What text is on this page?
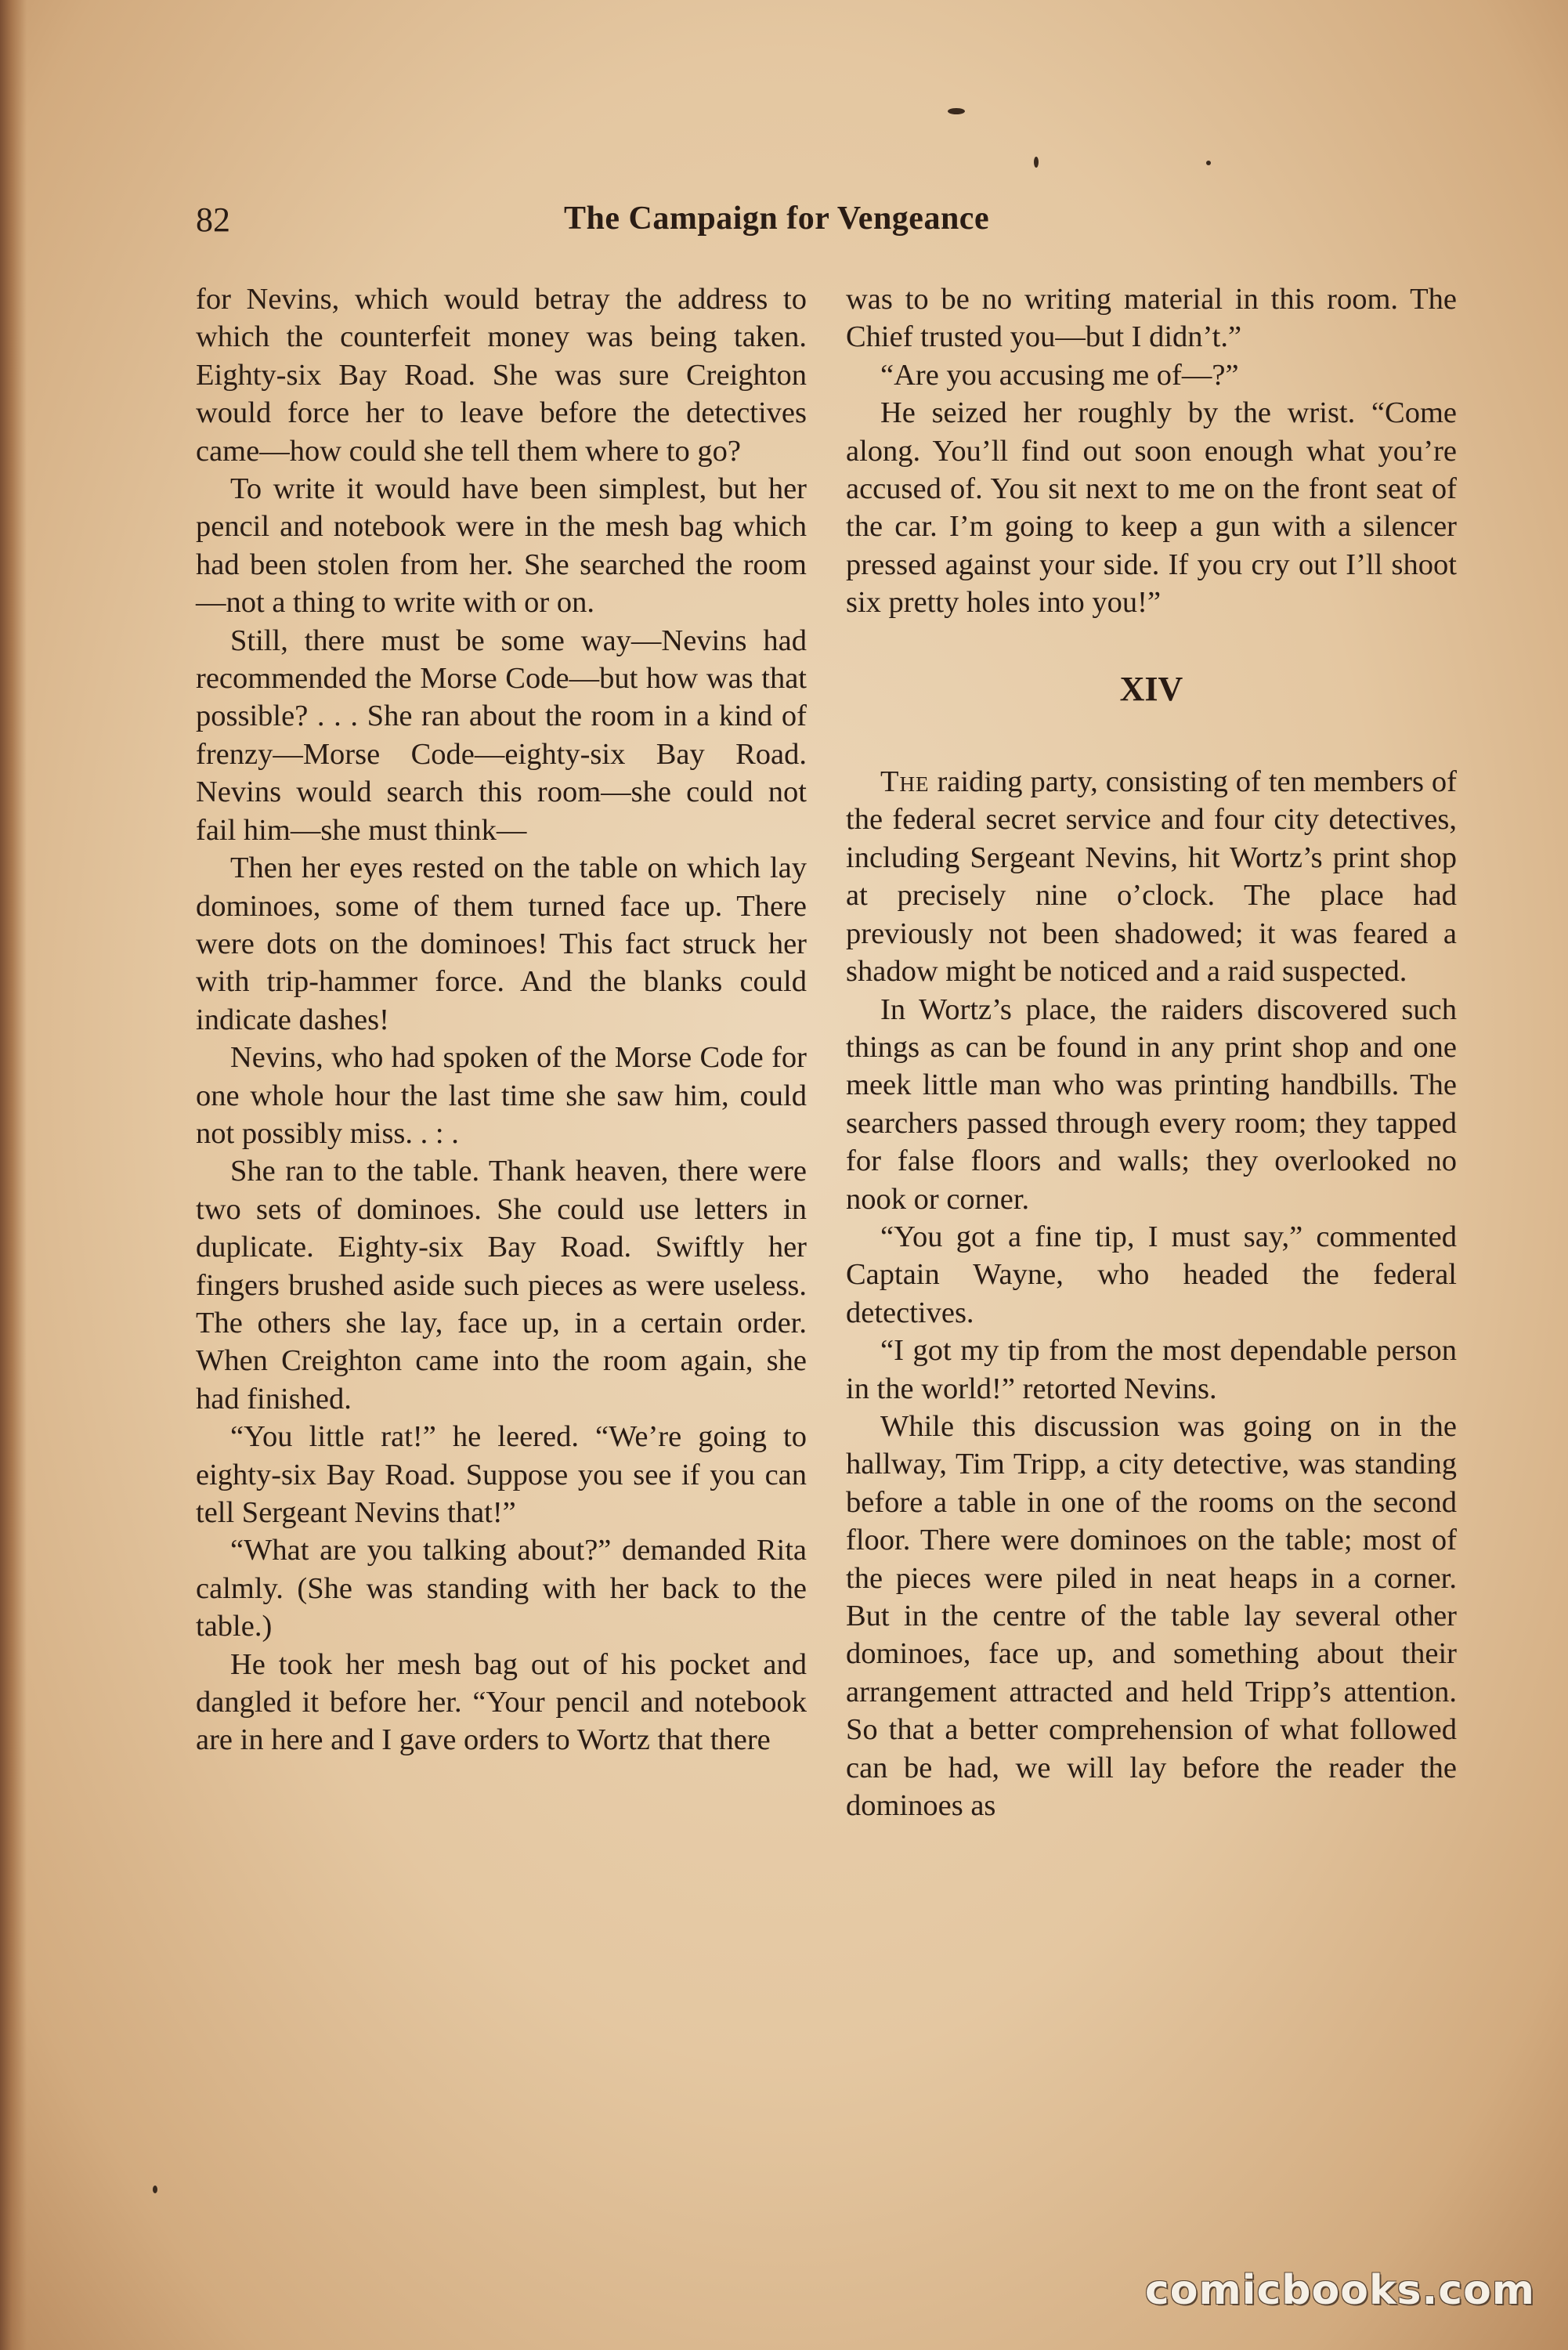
82	The Campaign for Vengeance

for Nevins, which would betray the address to which the counterfeit money was being taken. Eighty-six Bay Road. She was sure Creighton would force her to leave before the detectives came—how could she tell them where to go?

To write it would have been simplest, but her pencil and notebook were in the mesh bag which had been stolen from her. She searched the room—not a thing to write with or on.

Still, there must be some way—Nevins had recommended the Morse Code—but how was that possible? . . . She ran about the room in a kind of frenzy—Morse Code—eighty-six Bay Road. Nevins would search this room—she could not fail him—she must think—

Then her eyes rested on the table on which lay dominoes, some of them turned face up. There were dots on the dominoes! This fact struck her with trip-hammer force. And the blanks could indicate dashes!

Nevins, who had spoken of the Morse Code for one whole hour the last time she saw him, could not possibly miss. . : .

She ran to the table. Thank heaven, there were two sets of dominoes. She could use letters in duplicate. Eighty-six Bay Road. Swiftly her fingers brushed aside such pieces as were useless. The others she lay, face up, in a certain order. When Creighton came into the room again, she had finished.

“You little rat!” he leered. “We’re going to eighty-six Bay Road. Suppose you see if you can tell Sergeant Nevins that!”

“What are you talking about?” demanded Rita calmly. (She was standing with her back to the table.)

He took her mesh bag out of his pocket and dangled it before her. “Your pencil and notebook are in here and I gave orders to Wortz that there

was to be no writing material in this room. The Chief trusted you—but I didn’t.”

“Are you accusing me of—?”

He seized her roughly by the wrist. “Come along. You’ll find out soon enough what you’re accused of. You sit next to me on the front seat of the car. I’m going to keep a gun with a silencer pressed against your side. If you cry out I’ll shoot six pretty holes into you!”

XIV

The raiding party, consisting of ten members of the federal secret service and four city detectives, including Sergeant Nevins, hit Wortz’s print shop at precisely nine o’clock. The place had previously not been shadowed; it was feared a shadow might be noticed and a raid suspected.

In Wortz’s place, the raiders discovered such things as can be found in any print shop and one meek little man who was printing handbills. The searchers passed through every room; they tapped for false floors and walls; they overlooked no nook or corner.

“You got a fine tip, I must say,” commented Captain Wayne, who headed the federal detectives.

“I got my tip from the most dependable person in the world!” retorted Nevins.

While this discussion was going on in the hallway, Tim Tripp, a city detective, was standing before a table in one of the rooms on the second floor. There were dominoes on the table; most of the pieces were piled in neat heaps in a corner. But in the centre of the table lay several other dominoes, face up, and something about their arrangement attracted and held Tripp’s attention. So that a better comprehension of what followed can be had, we will lay before the reader the dominoes as

comicbooks.com
